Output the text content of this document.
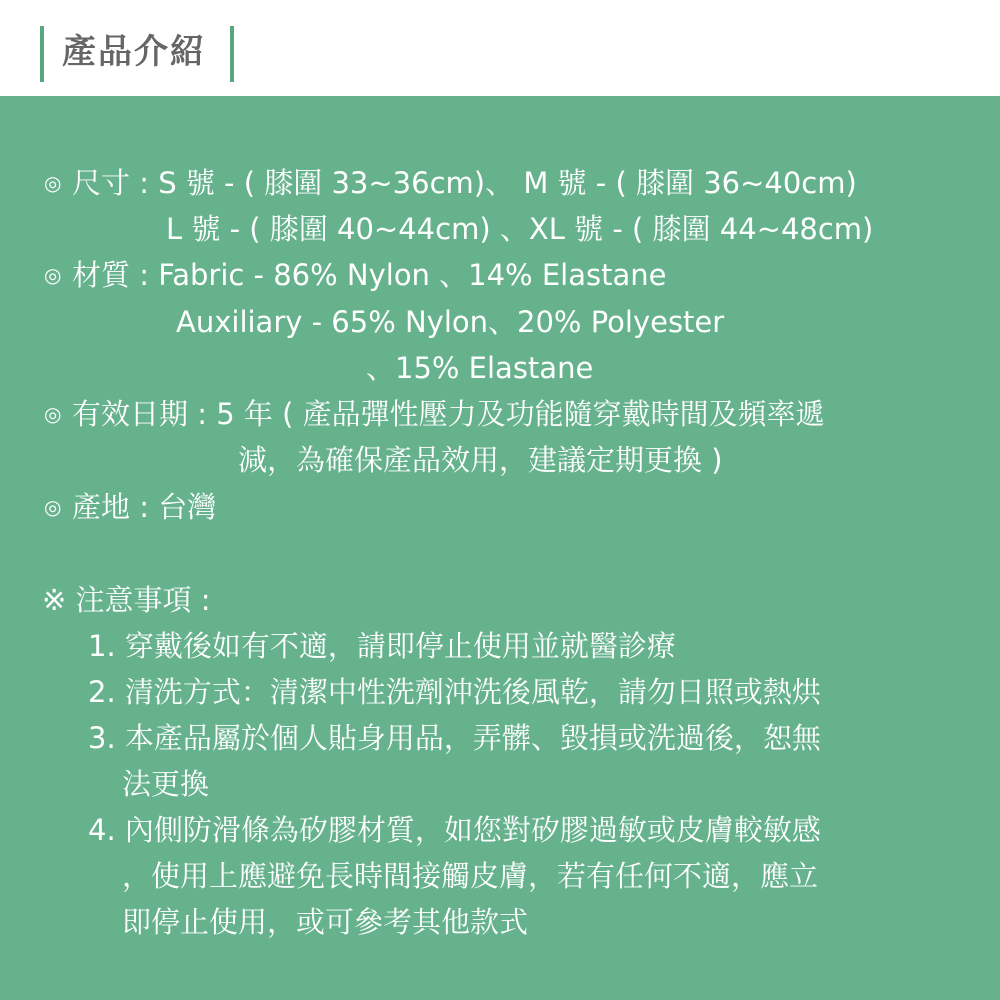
產品介紹
◎ 尺寸 : S 號 - ( 膝圍 33~36cm)、 M 號 - ( 膝圍 36~40cm)
L 號 - ( 膝圍 40~44cm) 、XL 號 - ( 膝圍 44~48cm)
◎ 材質 : Fabric - 86% Nylon 、14% Elastane
Auxiliary - 65% Nylon、20% Polyester
、15% Elastane
◎ 有效日期 : 5 年 ( 產品彈性壓力及功能隨穿戴時間及頻率遞
減，為確保產品效用，建議定期更換 )
◎ 產地 : 台灣
※ 注意事項 :
1. 穿戴後如有不適，請即停止使用並就醫診療
2. 清洗方式：清潔中性洗劑沖洗後風乾，請勿日照或熱烘
3. 本產品屬於個人貼身用品，弄髒、毀損或洗過後，恕無
法更換
4. 內側防滑條為矽膠材質，如您對矽膠過敏或皮膚較敏感
，使用上應避免長時間接觸皮膚，若有任何不適，應立
即停止使用，或可參考其他款式
